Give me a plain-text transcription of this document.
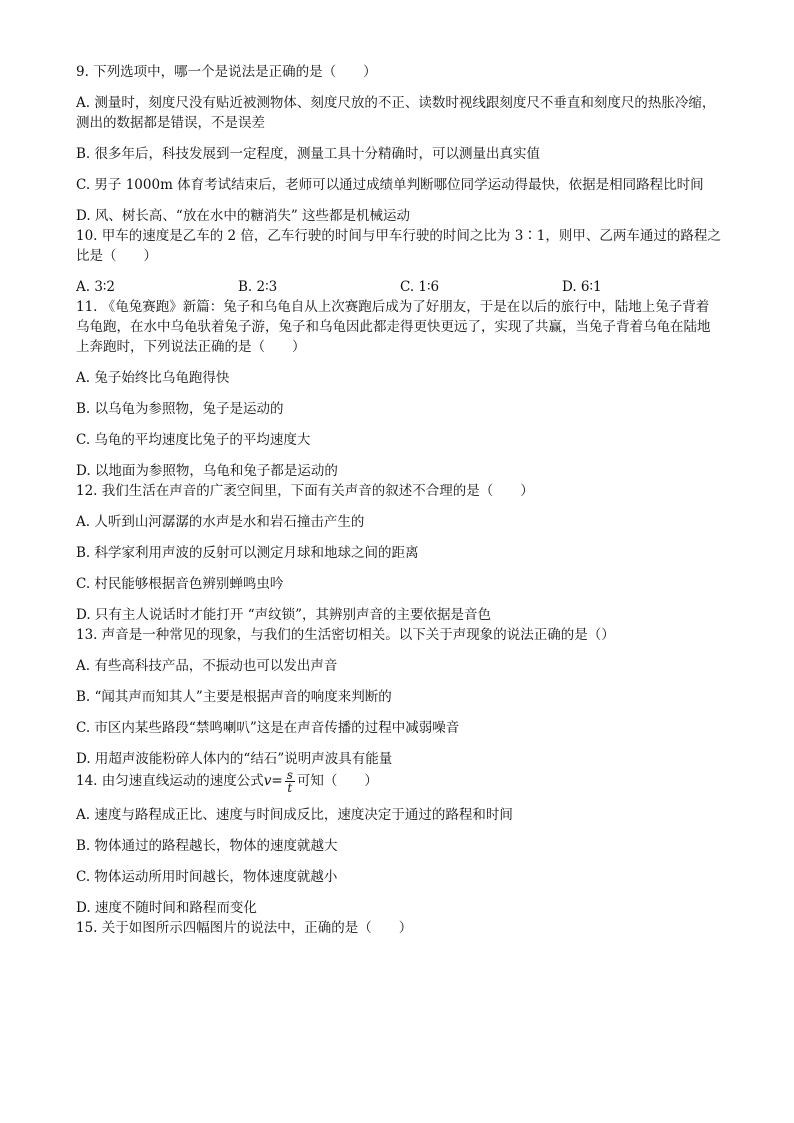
9. 下列选项中，哪一个是说法是正确的是（　　）

A. 测量时，刻度尺没有贴近被测物体、刻度尺放的不正、读数时视线跟刻度尺不垂直和刻度尺的热胀冷缩，测出的数据都是错误，不是误差

B. 很多年后，科技发展到一定程度，测量工具十分精确时，可以测量出真实值

C. 男子 1000m 体育考试结束后，老师可以通过成绩单判断哪位同学运动得最快，依据是相同路程比时间

D. 风、树长高、“放在水中的糖消失” 这些都是机械运动

10. 甲车的速度是乙车的 2 倍，乙车行驶的时间与甲车行驶的时间之比为 3∶1，则甲、乙两车通过的路程之比是（　　）

A. 3∶2	B. 2∶3	C. 1∶6	D. 6∶1

11. 《龟兔赛跑》新篇：兔子和乌龟自从上次赛跑后成为了好朋友，于是在以后的旅行中，陆地上兔子背着乌龟跑，在水中乌龟驮着兔子游，兔子和乌龟因此都走得更快更远了，实现了共赢，当兔子背着乌龟在陆地上奔跑时，下列说法正确的是（　　）

A. 兔子始终比乌龟跑得快

B. 以乌龟为参照物，兔子是运动的

C. 乌龟的平均速度比兔子的平均速度大

D. 以地面为参照物，乌龟和兔子都是运动的

12. 我们生活在声音的广袤空间里，下面有关声音的叙述不合理的是（　　）

A. 人听到山河潺潺的水声是水和岩石撞击产生的

B. 科学家利用声波的反射可以测定月球和地球之间的距离

C. 村民能够根据音色辨别蝉鸣虫吟

D. 只有主人说话时才能打开 “声纹锁”，其辨别声音的主要依据是音色

13. 声音是一种常见的现象，与我们的生活密切相关。以下关于声现象的说法正确的是（）

A. 有些高科技产品，不振动也可以发出声音

B. “闻其声而知其人”主要是根据声音的响度来判断的

C. 市区内某些路段“禁鸣喇叭”这是在声音传播的过程中减弱噪音

D. 用超声波能粉碎人体内的“结石”说明声波具有能量

14. 由匀速直线运动的速度公式$v= \frac{s}{t}$ 可知（　　）

A. 速度与路程成正比、速度与时间成反比，速度决定于通过的路程和时间

B. 物体通过的路程越长，物体的速度就越大

C. 物体运动所用时间越长，物体速度就越小

D. 速度不随时间和路程而变化

15. 关于如图所示四幅图片的说法中，正确的是（　　）
